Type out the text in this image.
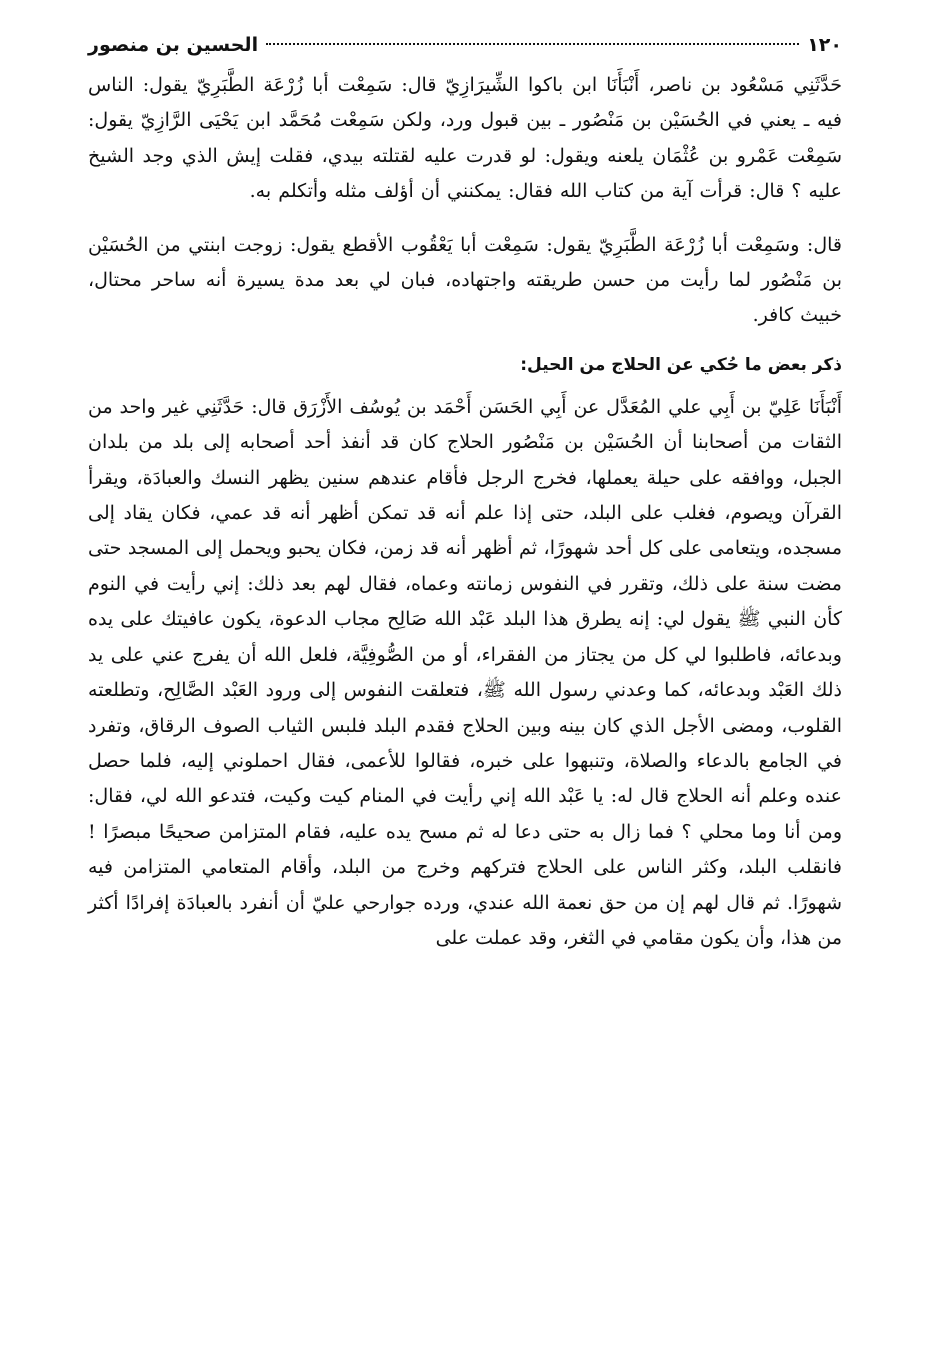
١٢٠
الحسين بن منصور

حَدَّثَنِي مَسْعُود بن ناصر، أَنْبَأَنَا ابن باكوا الشِّيرَازِيّ قال: سَمِعْت أبا زُرْعَة الطَّبَرِيّ يقول: الناس فيه ـ يعني في الحُسَيْن بن مَنْصُور ـ بين قبول ورد، ولكن سَمِعْت مُحَمَّد ابن يَحْيَى الرَّازِيّ يقول: سَمِعْت عَمْرو بن عُثْمَان يلعنه ويقول: لو قدرت عليه لقتلته بيدي، فقلت إيش الذي وجد الشيخ عليه ؟ قال: قرأت آية من كتاب الله فقال: يمكنني أن أؤلف مثله وأتكلم به.

قال: وسَمِعْت أبا زُرْعَة الطَّبَرِيّ يقول: سَمِعْت أبا يَعْقُوب الأقطع يقول: زوجت ابنتي من الحُسَيْن بن مَنْصُور لما رأيت من حسن طريقته واجتهاده، فبان لي بعد مدة يسيرة أنه ساحر محتال، خبيث كافر.

ذكر بعض ما حُكي عن الحلاج من الحيل:

أَنْبَأَنَا عَلِيّ بن أَبِي علي المُعَدَّل عن أَبِي الحَسَن أَحْمَد بن يُوسُف الأَزْرَق قال: حَدَّثَنِي غير واحد من الثقات من أصحابنا أن الحُسَيْن بن مَنْصُور الحلاج كان قد أنفذ أحد أصحابه إلى بلد من بلدان الجبل، ووافقه على حيلة يعملها، فخرج الرجل فأقام عندهم سنين يظهر النسك والعبادَة، ويقرأ القرآن ويصوم، فغلب على البلد، حتى إذا علم أنه قد تمكن أظهر أنه قد عمي، فكان يقاد إلى مسجده، ويتعامى على كل أحد شهورًا، ثم أظهر أنه قد زمن، فكان يحبو ويحمل إلى المسجد حتى مضت سنة على ذلك، وتقرر في النفوس زمانته وعماه، فقال لهم بعد ذلك: إني رأيت في النوم كأن النبي ﷺ يقول لي: إنه يطرق هذا البلد عَبْد الله صَالِح مجاب الدعوة، يكون عافيتك على يده وبدعائه، فاطلبوا لي كل من يجتاز من الفقراء، أو من الصُّوفِيَّة، فلعل الله أن يفرج عني على يد ذلك العَبْد وبدعائه، كما وعدني رسول الله ﷺ، فتعلقت النفوس إلى ورود العَبْد الصَّالِح، وتطلعته القلوب، ومضى الأجل الذي كان بينه وبين الحلاج فقدم البلد فلبس الثياب الصوف الرقاق، وتفرد في الجامع بالدعاء والصلاة، وتنبهوا على خبره، فقالوا للأعمى، فقال احملوني إليه، فلما حصل عنده وعلم أنه الحلاج قال له: يا عَبْد الله إني رأيت في المنام كيت وكيت، فتدعو الله لي، فقال: ومن أنا وما محلي ؟ فما زال به حتى دعا له ثم مسح يده عليه، فقام المتزامن صحيحًا مبصرًا ! فانقلب البلد، وكثر الناس على الحلاج فتركهم وخرج من البلد، وأقام المتعامي المتزامن فيه شهورًا. ثم قال لهم إن من حق نعمة الله عندي، ورده جوارحي عليّ أن أنفرد بالعبادَة إفرادًا أكثر من هذا، وأن يكون مقامي في الثغر، وقد عملت على
